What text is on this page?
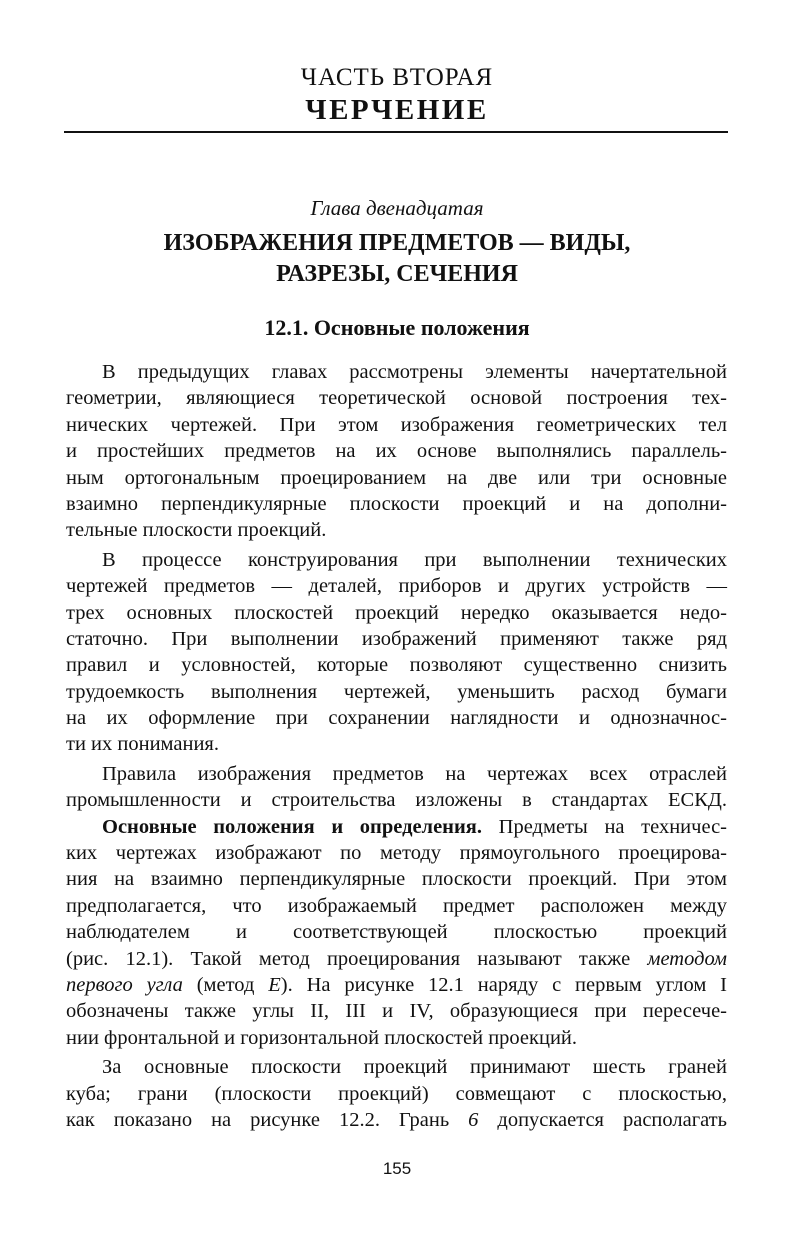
ЧАСТЬ ВТОРАЯ
ЧЕРЧЕНИЕ
Глава двенадцатая
ИЗОБРАЖЕНИЯ ПРЕДМЕТОВ — ВИДЫ,
РАЗРЕЗЫ, СЕЧЕНИЯ
12.1. Основные положения
В предыдущих главах рассмотрены элементы начертательной
геометрии, являющиеся теоретической основой построения тех-
нических чертежей. При этом изображения геометрических тел
и простейших предметов на их основе выполнялись параллель-
ным ортогональным проецированием на две или три основные
взаимно перпендикулярные плоскости проекций и на дополни-
тельные плоскости проекций.
В процессе конструирования при выполнении технических
чертежей предметов — деталей, приборов и других устройств —
трех основных плоскостей проекций нередко оказывается недо-
статочно. При выполнении изображений применяют также ряд
правил и условностей, которые позволяют существенно снизить
трудоемкость выполнения чертежей, уменьшить расход бумаги
на их оформление при сохранении наглядности и однозначнос-
ти их понимания.
Правила изображения предметов на чертежах всех отраслей
промышленности и строительства изложены в стандартах ЕСКД.
Основные положения и определения. Предметы на техничес-
ких чертежах изображают по методу прямоугольного проецирова-
ния на взаимно перпендикулярные плоскости проекций. При этом
предполагается, что изображаемый предмет расположен между
наблюдателем и соответствующей плоскостью проекций
(рис. 12.1). Такой метод проецирования называют также методом
первого угла (метод E). На рисунке 12.1 наряду с первым углом I
обозначены также углы II, III и IV, образующиеся при пересече-
нии фронтальной и горизонтальной плоскостей проекций.
За основные плоскости проекций принимают шесть граней
куба; грани (плоскости проекций) совмещают с плоскостью,
как показано на рисунке 12.2. Грань 6 допускается располагать
155
